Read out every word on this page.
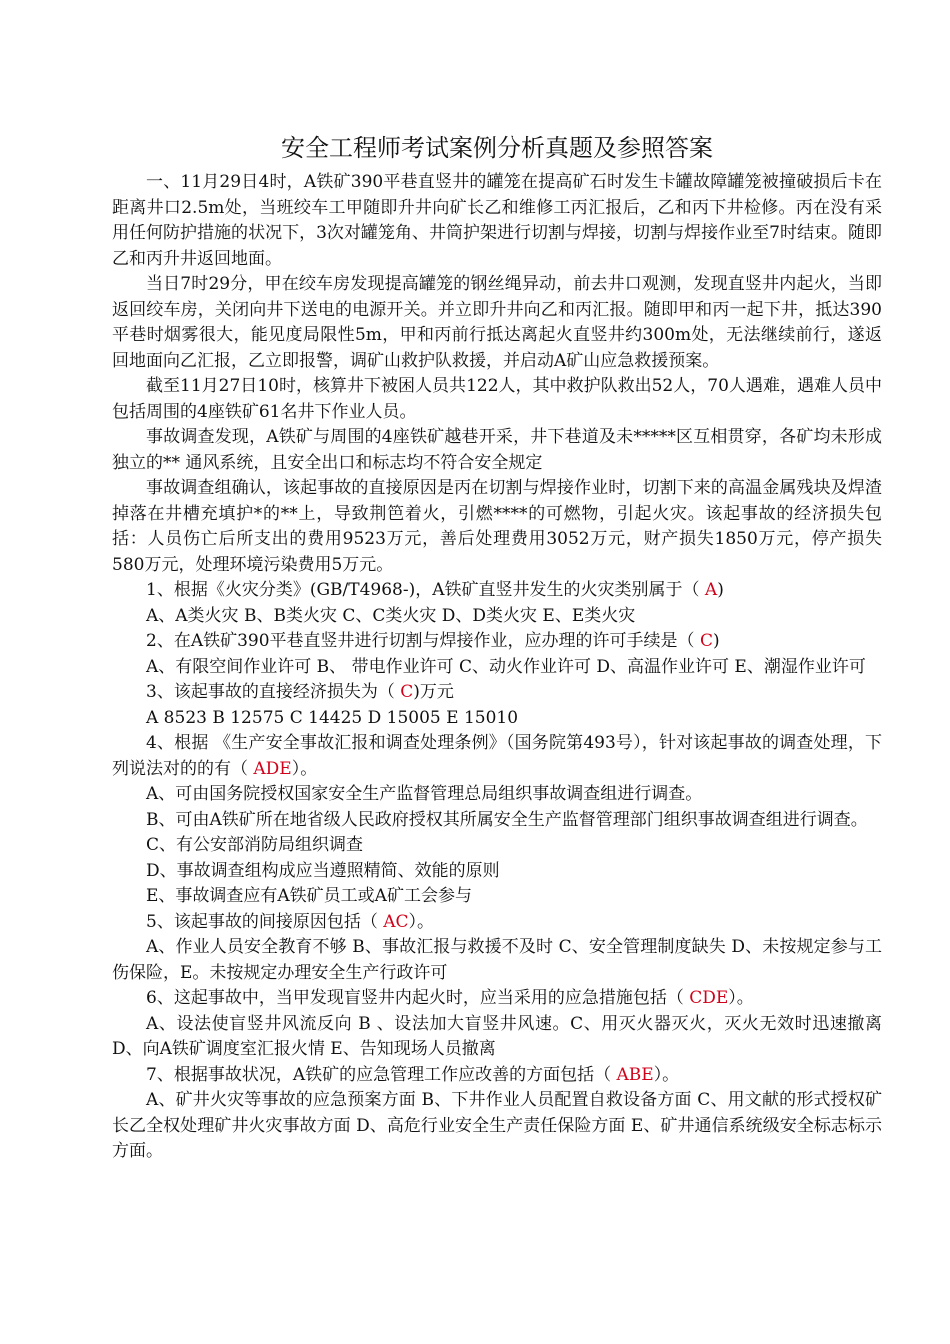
安全工程师考试案例分析真题及参照答案

一、11月29日4时，A铁矿390平巷直竖井的罐笼在提高矿石时发生卡罐故障罐笼被撞破损后卡在距离井口2.5m处，当班绞车工甲随即升井向矿长乙和维修工丙汇报后，乙和丙下井检修。丙在没有采用任何防护措施的状况下，3次对罐笼角、井筒护架进行切割与焊接，切割与焊接作业至7时结束。随即乙和丙升井返回地面。

当日7时29分，甲在绞车房发现提高罐笼的钢丝绳异动，前去井口观测，发现直竖井内起火，当即返回绞车房，关闭向井下送电的电源开关。并立即升井向乙和丙汇报。随即甲和丙一起下井，抵达390平巷时烟雾很大，能见度局限性5m，甲和丙前行抵达离起火直竖井约300m处，无法继续前行，遂返回地面向乙汇报，乙立即报警，调矿山救护队救援，并启动A矿山应急救援预案。

截至11月27日10时，核算井下被困人员共122人，其中救护队救出52人，70人遇难，遇难人员中包括周围的4座铁矿61名井下作业人员。

事故调查发现，A铁矿与周围的4座铁矿越巷开采，井下巷道及未*****区互相贯穿，各矿均未形成独立的** 通风系统，且安全出口和标志均不符合安全规定

事故调查组确认，该起事故的直接原因是丙在切割与焊接作业时，切割下来的高温金属残块及焊渣掉落在井槽充填护*的**上，导致荆笆着火，引燃****的可燃物，引起火灾。该起事故的经济损失包括：人员伤亡后所支出的费用9523万元，善后处理费用3052万元，财产损失1850万元，停产损失580万元，处理环境污染费用5万元。

1、根据《火灾分类》(GB/T4968-)，A铁矿直竖井发生的火灾类别属于（ A)

A、A类火灾 B、B类火灾 C、C类火灾 D、D类火灾 E、E类火灾

2、在A铁矿390平巷直竖井进行切割与焊接作业，应办理的许可手续是（ C)

A、有限空间作业许可 B、 带电作业许可 C、动火作业许可 D、高温作业许可 E、潮湿作业许可

3、该起事故的直接经济损失为（ C)万元

A 8523 B 12575 C 14425 D 15005 E 15010

4、根据 《生产安全事故汇报和调查处理条例》（国务院第493号），针对该起事故的调查处理，下列说法对的的有（ ADE）。

A、可由国务院授权国家安全生产监督管理总局组织事故调查组进行调查。

B、可由A铁矿所在地省级人民政府授权其所属安全生产监督管理部门组织事故调查组进行调查。

C、有公安部消防局组织调查

D、事故调查组构成应当遵照精简、效能的原则

E、事故调查应有A铁矿员工或A矿工会参与

5、该起事故的间接原因包括（ AC）。

A、作业人员安全教育不够 B、事故汇报与救援不及时 C、安全管理制度缺失 D、未按规定参与工伤保险，E。未按规定办理安全生产行政许可

6、这起事故中，当甲发现盲竖井内起火时，应当采用的应急措施包括（ CDE）。

A、设法使盲竖井风流反向 B 、设法加大盲竖井风速。C、用灭火器灭火，灭火无效时迅速撤离 D、向A铁矿调度室汇报火情 E、告知现场人员撤离

7、根据事故状况，A铁矿的应急管理工作应改善的方面包括（ ABE）。

A、矿井火灾等事故的应急预案方面 B、下井作业人员配置自救设备方面 C、用文献的形式授权矿长乙全权处理矿井火灾事故方面 D、高危行业安全生产责任保险方面 E、矿井通信系统级安全标志标示方面。
